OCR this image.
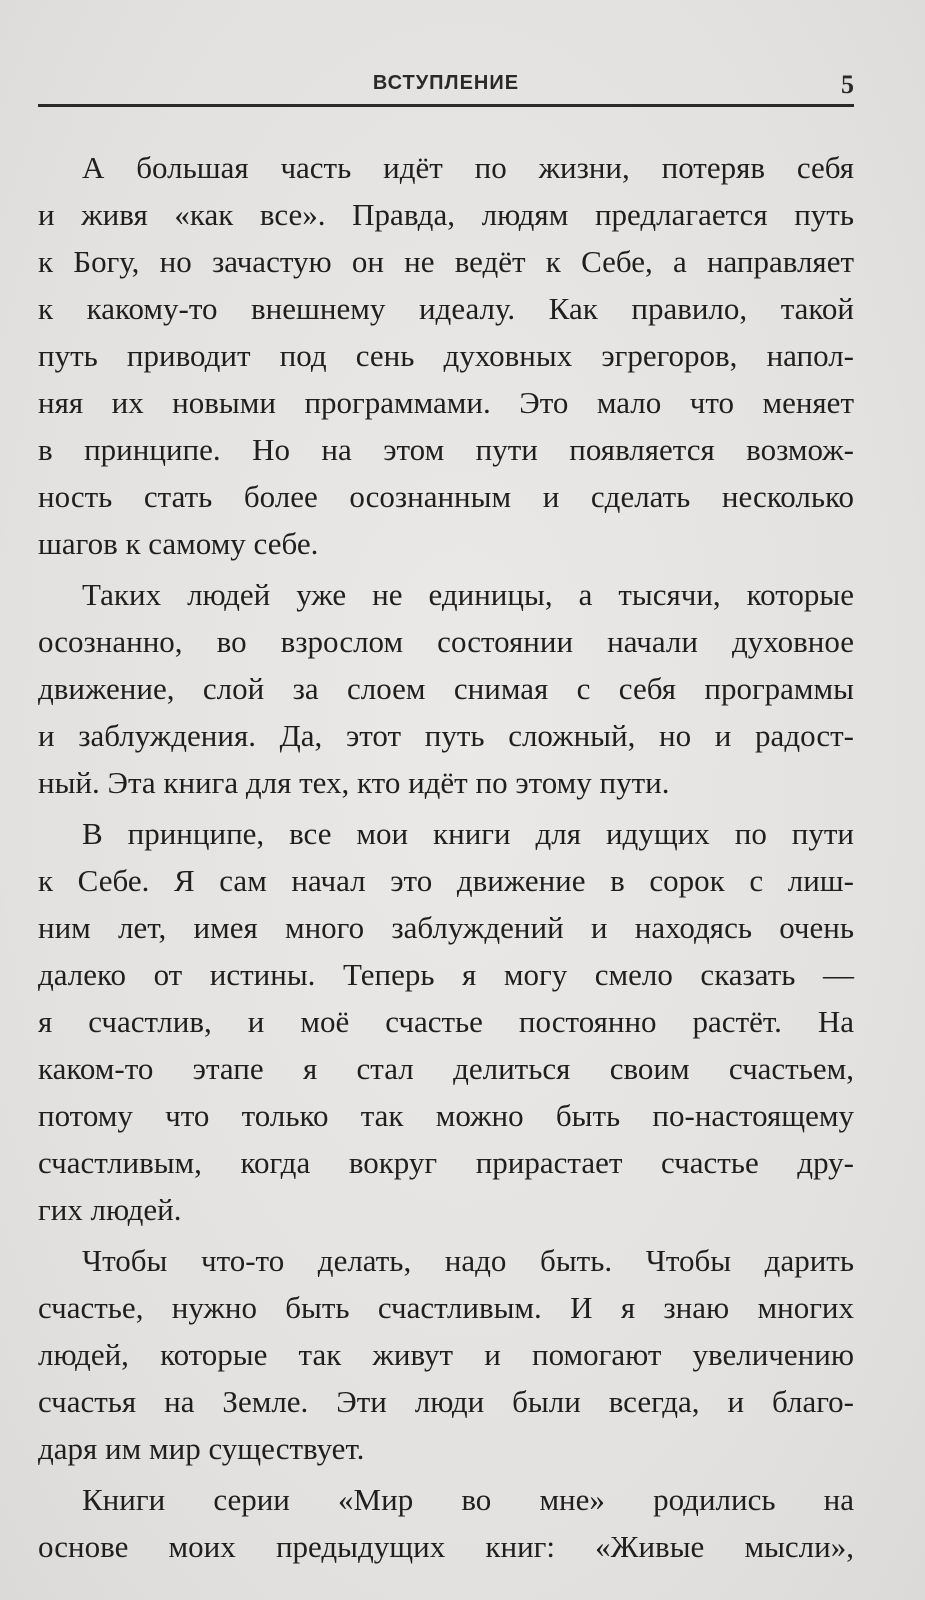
ВСТУПЛЕНИЕ	5
А большая часть идёт по жизни, потеряв себя
и живя «как все». Правда, людям предлагается путь
к Богу, но зачастую он не ведёт к Себе, а направляет
к какому-то внешнему идеалу. Как правило, такой
путь приводит под сень духовных эгрегоров, напол-
няя их новыми программами. Это мало что меняет
в принципе. Но на этом пути появляется возмож-
ность стать более осознанным и сделать несколько
шагов к самому себе.
Таких людей уже не единицы, а тысячи, которые
осознанно, во взрослом состоянии начали духовное
движение, слой за слоем снимая с себя программы
и заблуждения. Да, этот путь сложный, но и радост-
ный. Эта книга для тех, кто идёт по этому пути.
В принципе, все мои книги для идущих по пути
к Себе. Я сам начал это движение в сорок с лиш-
ним лет, имея много заблуждений и находясь очень
далеко от истины. Теперь я могу смело сказать —
я счастлив, и моё счастье постоянно растёт. На
каком-то этапе я стал делиться своим счастьем,
потому что только так можно быть по-настоящему
счастливым, когда вокруг прирастает счастье дру-
гих людей.
Чтобы что-то делать, надо быть. Чтобы дарить
счастье, нужно быть счастливым. И я знаю многих
людей, которые так живут и помогают увеличению
счастья на Земле. Эти люди были всегда, и благо-
даря им мир существует.
Книги серии «Мир во мне» родились на
основе моих предыдущих книг: «Живые мысли»,
